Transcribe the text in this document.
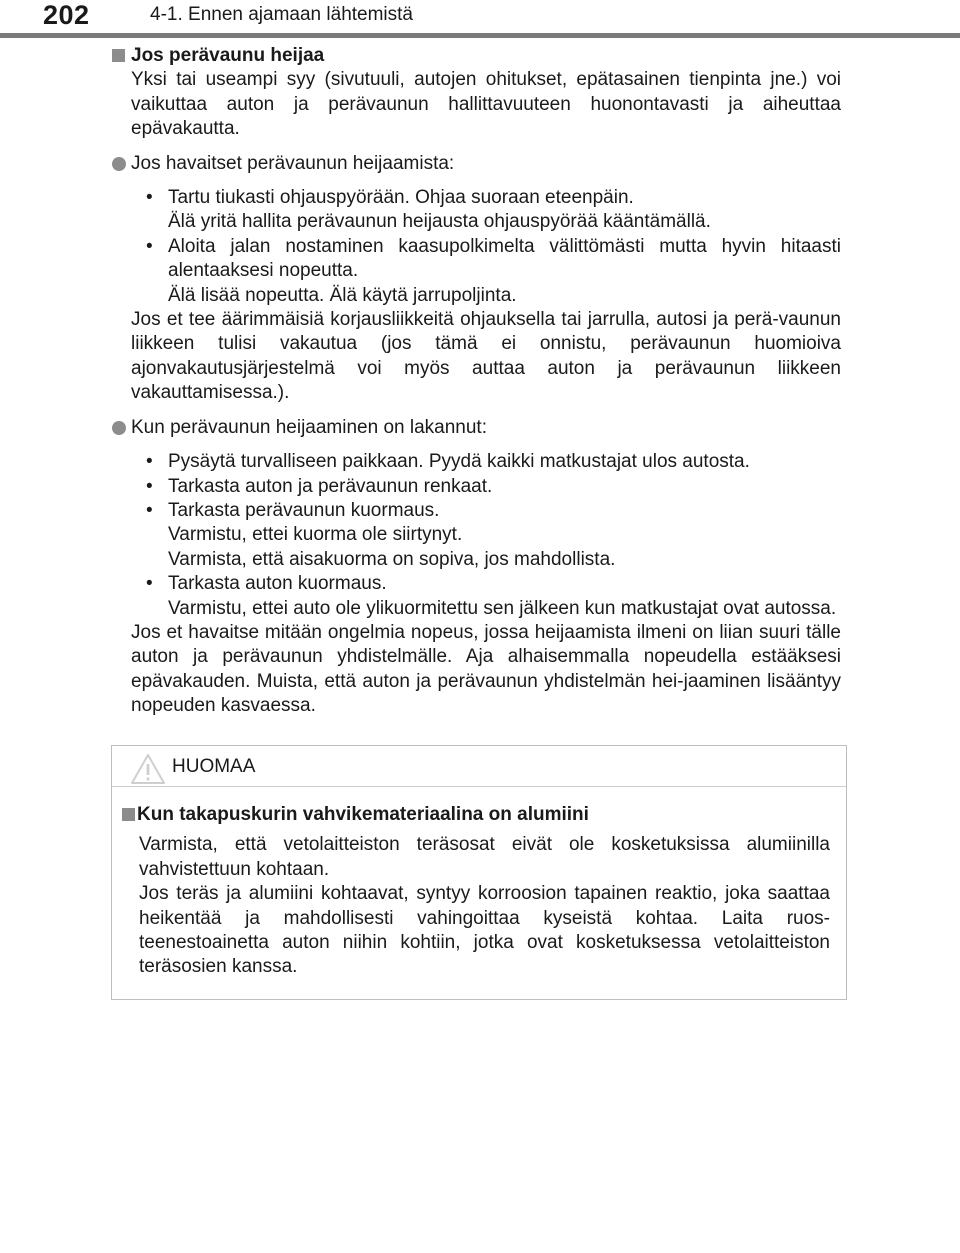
202	4-1. Ennen ajamaan lähtemistä

Jos perävaunu heijaa

Yksi tai useampi syy (sivutuuli, autojen ohitukset, epätasainen tienpinta jne.) voi vaikuttaa auton ja perävaunun hallittavuuteen huonontavasti ja aiheuttaa epävakautta.

Jos havaitset perävaunun heijaamista:

• Tartu tiukasti ohjauspyörään. Ohjaa suoraan eteenpäin.
Älä yritä hallita perävaunun heijausta ohjauspyörää kääntämällä.
• Aloita jalan nostaminen kaasupolkimelta välittömästi mutta hyvin hitaasti alentaaksesi nopeutta.
Älä lisää nopeutta. Älä käytä jarrupoljinta.

Jos et tee äärimmäisiä korjausliikkeitä ohjauksella tai jarrulla, autosi ja perä-vaunun liikkeen tulisi vakautua (jos tämä ei onnistu, perävaunun huomioiva ajonvakautusjärjestelmä voi myös auttaa auton ja perävaunun liikkeen vakauttamisessa.).

Kun perävaunun heijaaminen on lakannut:

• Pysäytä turvalliseen paikkaan. Pyydä kaikki matkustajat ulos autosta.
• Tarkasta auton ja perävaunun renkaat.
• Tarkasta perävaunun kuormaus.
Varmistu, ettei kuorma ole siirtynyt.
Varmista, että aisakuorma on sopiva, jos mahdollista.
• Tarkasta auton kuormaus.
Varmistu, ettei auto ole ylikuormitettu sen jälkeen kun matkustajat ovat autossa.

Jos et havaitse mitään ongelmia nopeus, jossa heijaamista ilmeni on liian suuri tälle auton ja perävaunun yhdistelmälle. Aja alhaisemmalla nopeudella estääksesi epävakauden. Muista, että auton ja perävaunun yhdistelmän hei-jaaminen lisääntyy nopeuden kasvaessa.

HUOMAA

Kun takapuskurin vahvikemateriaalina on alumiini

Varmista, että vetolaitteiston teräsosat eivät ole kosketuksissa alumiinilla vahvistettuun kohtaan.

Jos teräs ja alumiini kohtaavat, syntyy korroosion tapainen reaktio, joka saattaa heikentää ja mahdollisesti vahingoittaa kyseistä kohtaa. Laita ruos-teenestoainetta auton niihin kohtiin, jotka ovat kosketuksessa vetolaitteiston teräsosien kanssa.
